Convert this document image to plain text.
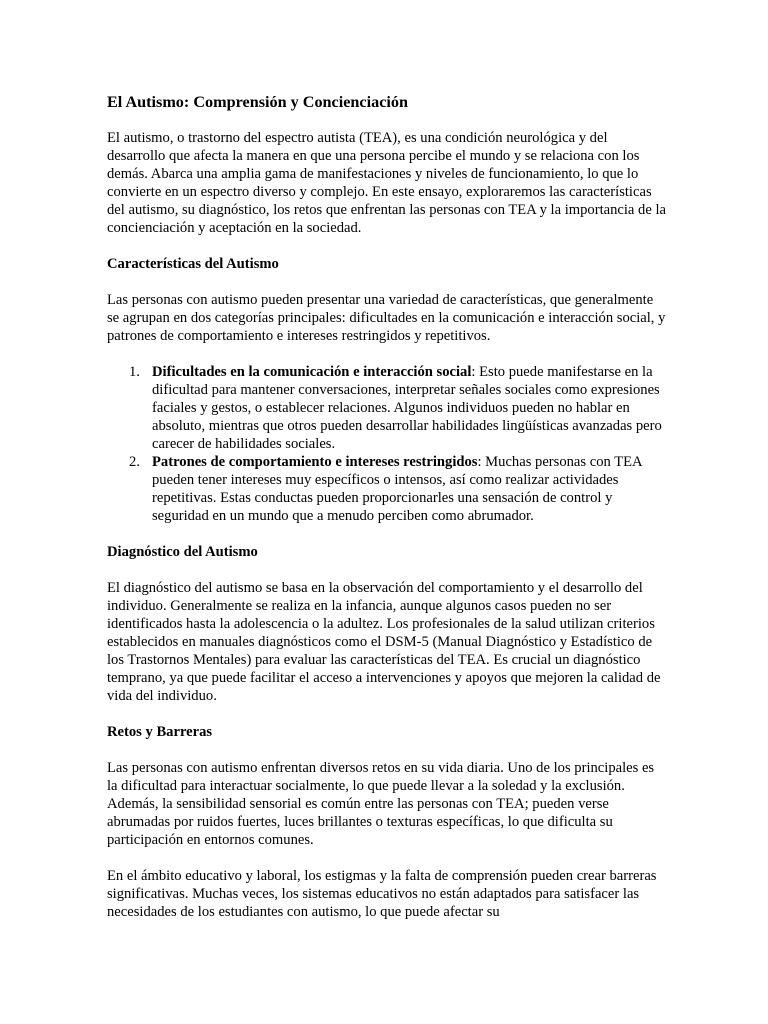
El Autismo: Comprensión y Concienciación

El autismo, o trastorno del espectro autista (TEA), es una condición neurológica y del desarrollo que afecta la manera en que una persona percibe el mundo y se relaciona con los demás. Abarca una amplia gama de manifestaciones y niveles de funcionamiento, lo que lo convierte en un espectro diverso y complejo. En este ensayo, exploraremos las características del autismo, su diagnóstico, los retos que enfrentan las personas con TEA y la importancia de la concienciación y aceptación en la sociedad.

Características del Autismo

Las personas con autismo pueden presentar una variedad de características, que generalmente se agrupan en dos categorías principales: dificultades en la comunicación e interacción social, y patrones de comportamiento e intereses restringidos y repetitivos.

1. Dificultades en la comunicación e interacción social: Esto puede manifestarse en la dificultad para mantener conversaciones, interpretar señales sociales como expresiones faciales y gestos, o establecer relaciones. Algunos individuos pueden no hablar en absoluto, mientras que otros pueden desarrollar habilidades lingüísticas avanzadas pero carecer de habilidades sociales.
2. Patrones de comportamiento e intereses restringidos: Muchas personas con TEA pueden tener intereses muy específicos o intensos, así como realizar actividades repetitivas. Estas conductas pueden proporcionarles una sensación de control y seguridad en un mundo que a menudo perciben como abrumador.
Diagnóstico del Autismo

El diagnóstico del autismo se basa en la observación del comportamiento y el desarrollo del individuo. Generalmente se realiza en la infancia, aunque algunos casos pueden no ser identificados hasta la adolescencia o la adultez. Los profesionales de la salud utilizan criterios establecidos en manuales diagnósticos como el DSM-5 (Manual Diagnóstico y Estadístico de los Trastornos Mentales) para evaluar las características del TEA. Es crucial un diagnóstico temprano, ya que puede facilitar el acceso a intervenciones y apoyos que mejoren la calidad de vida del individuo.

Retos y Barreras

Las personas con autismo enfrentan diversos retos en su vida diaria. Uno de los principales es la dificultad para interactuar socialmente, lo que puede llevar a la soledad y la exclusión. Además, la sensibilidad sensorial es común entre las personas con TEA; pueden verse abrumadas por ruidos fuertes, luces brillantes o texturas específicas, lo que dificulta su participación en entornos comunes.

En el ámbito educativo y laboral, los estigmas y la falta de comprensión pueden crear barreras significativas. Muchas veces, los sistemas educativos no están adaptados para satisfacer las necesidades de los estudiantes con autismo, lo que puede afectar su
